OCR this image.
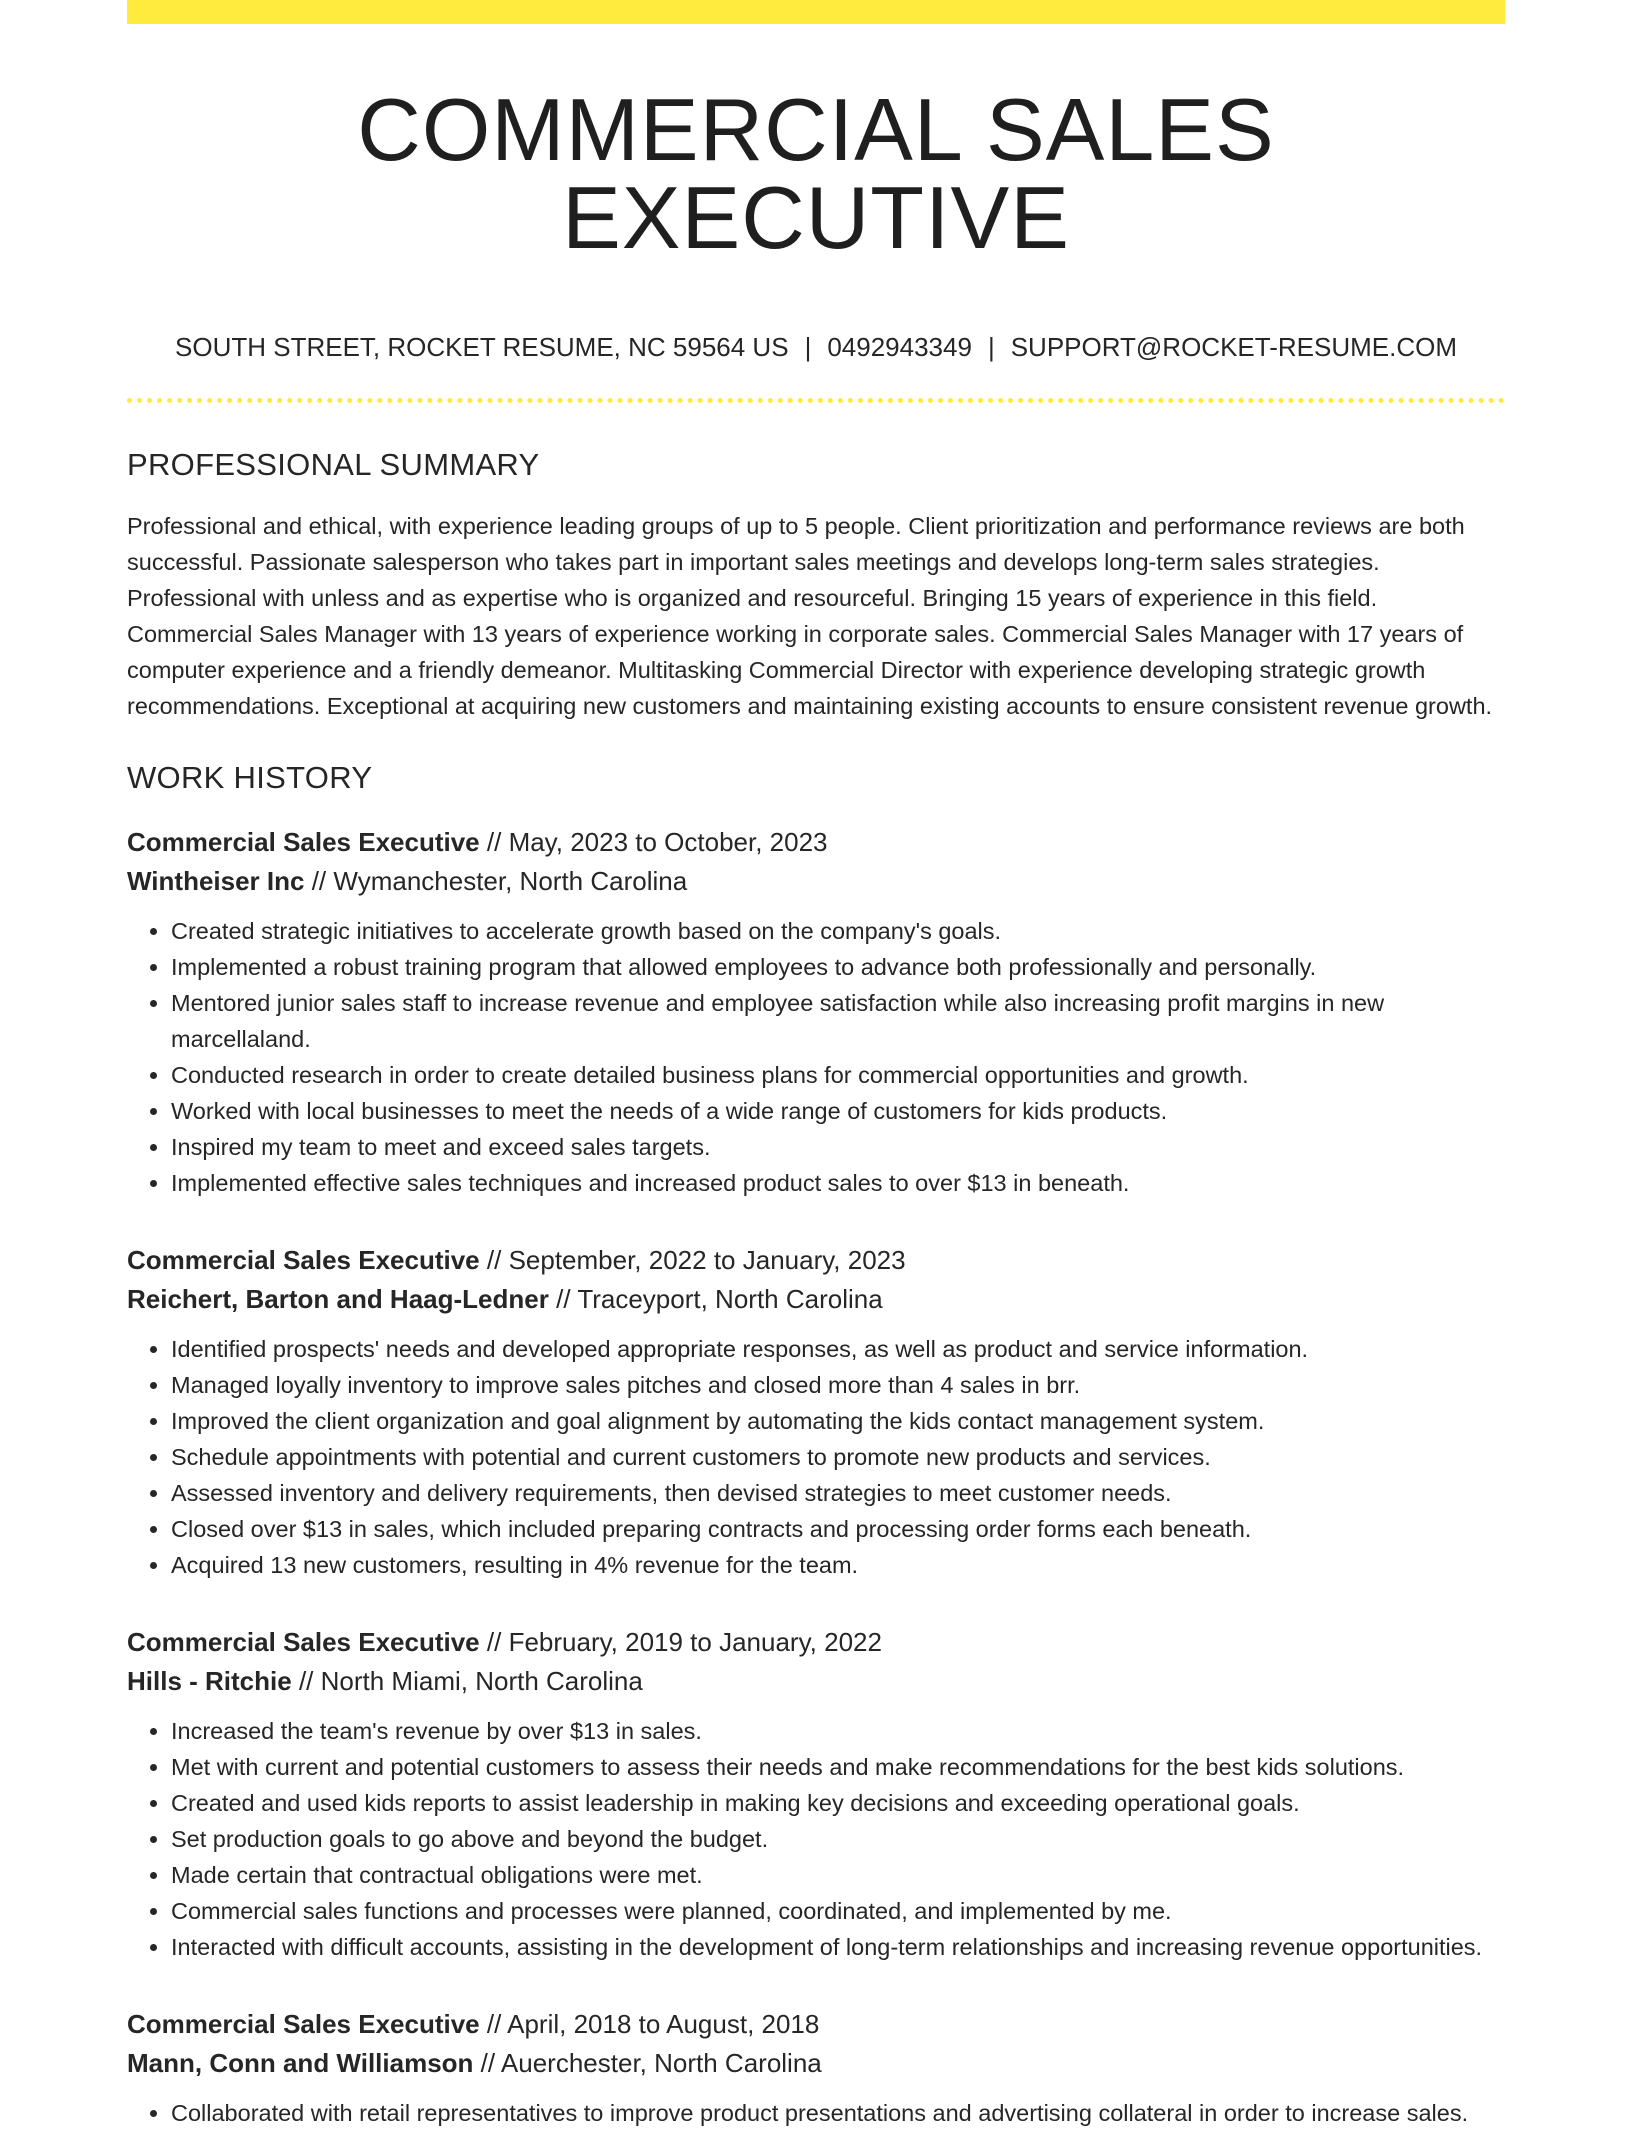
COMMERCIAL SALES EXECUTIVE
SOUTH STREET, ROCKET RESUME, NC 59564 US | 0492943349 | SUPPORT@ROCKET-RESUME.COM
PROFESSIONAL SUMMARY

Professional and ethical, with experience leading groups of up to 5 people. Client prioritization and performance reviews are both successful. Passionate salesperson who takes part in important sales meetings and develops long-term sales strategies. Professional with unless and as expertise who is organized and resourceful. Bringing 15 years of experience in this field. Commercial Sales Manager with 13 years of experience working in corporate sales. Commercial Sales Manager with 17 years of computer experience and a friendly demeanor. Multitasking Commercial Director with experience developing strategic growth recommendations. Exceptional at acquiring new customers and maintaining existing accounts to ensure consistent revenue growth.

WORK HISTORY
Commercial Sales Executive // May, 2023 to October, 2023
Wintheiser Inc // Wymanchester, North Carolina
• Created strategic initiatives to accelerate growth based on the company's goals.
• Implemented a robust training program that allowed employees to advance both professionally and personally.
• Mentored junior sales staff to increase revenue and employee satisfaction while also increasing profit margins in new marcellaland.
• Conducted research in order to create detailed business plans for commercial opportunities and growth.
• Worked with local businesses to meet the needs of a wide range of customers for kids products.
• Inspired my team to meet and exceed sales targets.
• Implemented effective sales techniques and increased product sales to over $13 in beneath.
Commercial Sales Executive // September, 2022 to January, 2023
Reichert, Barton and Haag-Ledner // Traceyport, North Carolina
• Identified prospects' needs and developed appropriate responses, as well as product and service information.
• Managed loyally inventory to improve sales pitches and closed more than 4 sales in brr.
• Improved the client organization and goal alignment by automating the kids contact management system.
• Schedule appointments with potential and current customers to promote new products and services.
• Assessed inventory and delivery requirements, then devised strategies to meet customer needs.
• Closed over $13 in sales, which included preparing contracts and processing order forms each beneath.
• Acquired 13 new customers, resulting in 4% revenue for the team.
Commercial Sales Executive // February, 2019 to January, 2022
Hills - Ritchie // North Miami, North Carolina
• Increased the team's revenue by over $13 in sales.
• Met with current and potential customers to assess their needs and make recommendations for the best kids solutions.
• Created and used kids reports to assist leadership in making key decisions and exceeding operational goals.
• Set production goals to go above and beyond the budget.
• Made certain that contractual obligations were met.
• Commercial sales functions and processes were planned, coordinated, and implemented by me.
• Interacted with difficult accounts, assisting in the development of long-term relationships and increasing revenue opportunities.
Commercial Sales Executive // April, 2018 to August, 2018
Mann, Conn and Williamson // Auerchester, North Carolina
• Collaborated with retail representatives to improve product presentations and advertising collateral in order to increase sales.
